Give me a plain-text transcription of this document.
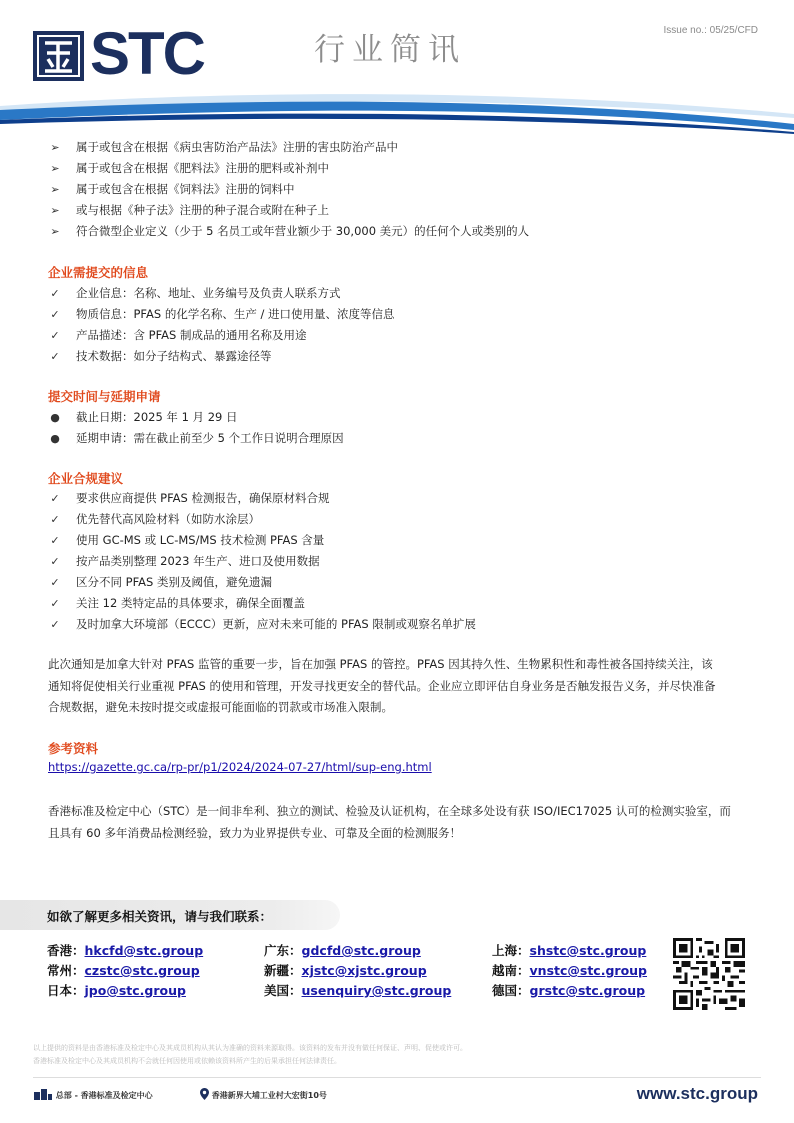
Issue no.: 05/25/CFD
STC	行业简讯
➢ 属于或包含在根据《病虫害防治产品法》注册的害虫防治产品中
➢ 属于或包含在根据《肥料法》注册的肥料或补剂中
➢ 属于或包含在根据《饲料法》注册的饲料中
➢ 或与根据《种子法》注册的种子混合或附在种子上
➢ 符合微型企业定义（少于 5 名员工或年营业额少于 30,000 美元）的任何个人或类别的人
企业需提交的信息
✓ 企业信息：名称、地址、业务编号及负责人联系方式
✓ 物质信息：PFAS 的化学名称、生产 / 进口使用量、浓度等信息
✓ 产品描述：含 PFAS 制成品的通用名称及用途
✓ 技术数据：如分子结构式、暴露途径等
提交时间与延期申请
● 截止日期：2025 年 1 月 29 日
● 延期申请：需在截止前至少 5 个工作日说明合理原因
企业合规建议
✓ 要求供应商提供 PFAS 检测报告，确保原材料合规
✓ 优先替代高风险材料（如防水涂层）
✓ 使用 GC-MS 或 LC-MS/MS 技术检测 PFAS 含量
✓ 按产品类别整理 2023 年生产、进口及使用数据
✓ 区分不同 PFAS 类别及阈值，避免遗漏
✓ 关注 12 类特定品的具体要求，确保全面覆盖
✓ 及时加拿大环境部（ECCC）更新，应对未来可能的 PFAS 限制或观察名单扩展
此次通知是加拿大针对 PFAS 监管的重要一步，旨在加强 PFAS 的管控。PFAS 因其持久性、生物累积性和毒性被各国持续关注，该
通知将促使相关行业重视 PFAS 的使用和管理，开发寻找更安全的替代品。企业应立即评估自身业务是否触发报告义务，并尽快准备
合规数据，避免未按时提交或虚报可能面临的罚款或市场准入限制。
参考资料
https://gazette.gc.ca/rp-pr/p1/2024/2024-07-27/html/sup-eng.html
香港标准及检定中心（STC）是一间非牟利、独立的测试、检验及认证机构，在全球多处设有获 ISO/IEC17025 认可的检测实验室，而
且具有 60 多年消费品检测经验，致力为业界提供专业、可靠及全面的检测服务！
如欲了解更多相关资讯，请与我们联系：
香港：hkcfd@stc.group	广东：gdcfd@stc.group	上海：shstc@stc.group
常州：czstc@stc.group	新疆：xjstc@xjstc.group	越南：vnstc@stc.group
日本：jpo@stc.group	美国：usenquiry@stc.group	德国：grstc@stc.group
以上提供的资料是由香港标准及检定中心及其成员机构从其认为准确的资料来源取得。该资料的发布并没有做任何保证、声明、促使或许可。
香港标准及检定中心及其成员机构不会就任何因使用或依赖该资料所产生的后果承担任何法律责任。
总部 - 香港标准及检定中心	香港新界大埔工业村大宏街10号	www.stc.group
